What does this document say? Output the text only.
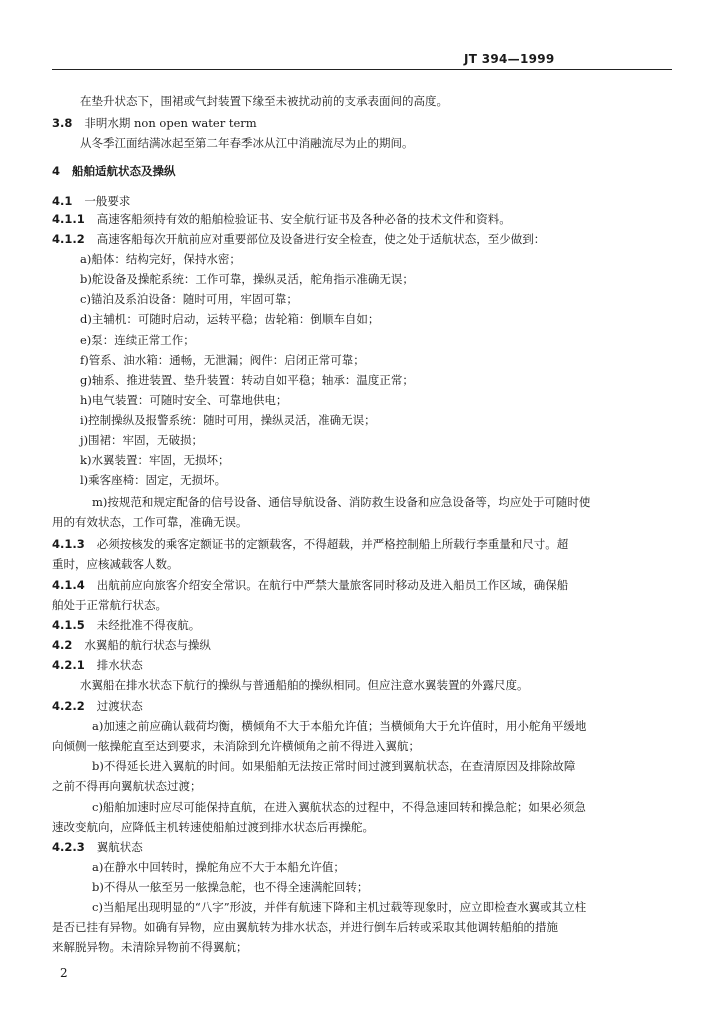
JT 394—1999
在垫升状态下，围裙或气封装置下缘至未被扰动前的支承表面间的高度。
3.8 非明水期 non open water term
从冬季江面结满冰起至第二年春季冰从江中消融流尽为止的期间。
4 船舶适航状态及操纵
4.1 一般要求
4.1.1 高速客船须持有效的船舶检验证书、安全航行证书及各种必备的技术文件和资料。
4.1.2 高速客船每次开航前应对重要部位及设备进行安全检查，使之处于适航状态，至少做到：
a)船体：结构完好，保持水密；
b)舵设备及操舵系统：工作可靠，操纵灵活，舵角指示准确无误；
c)锚泊及系泊设备：随时可用，牢固可靠；
d)主辅机：可随时启动，运转平稳；齿轮箱：倒顺车自如；
e)泵：连续正常工作；
f)管系、油水箱：通畅，无泄漏；阀件：启闭正常可靠；
g)轴系、推进装置、垫升装置：转动自如平稳；轴承：温度正常；
h)电气装置：可随时安全、可靠地供电；
i)控制操纵及报警系统：随时可用，操纵灵活，准确无误；
j)围裙：牢固，无破损；
k)水翼装置：牢固，无损坏；
l)乘客座椅：固定，无损坏。
m)按规范和规定配备的信号设备、通信导航设备、消防救生设备和应急设备等，均应处于可随时使
用的有效状态，工作可靠，准确无误。
4.1.3 必须按核发的乘客定额证书的定额载客，不得超载，并严格控制船上所载行李重量和尺寸。超
重时，应核减载客人数。
4.1.4 出航前应向旅客介绍安全常识。在航行中严禁大量旅客同时移动及进入船员工作区域，确保船
舶处于正常航行状态。
4.1.5 未经批准不得夜航。
4.2 水翼船的航行状态与操纵
4.2.1 排水状态
水翼船在排水状态下航行的操纵与普通船舶的操纵相同。但应注意水翼装置的外露尺度。
4.2.2 过渡状态
a)加速之前应确认载荷均衡，横倾角不大于本船允许值；当横倾角大于允许值时，用小舵角平缓地
向倾侧一舷操舵直至达到要求，未消除到允许横倾角之前不得进入翼航；
b)不得延长进入翼航的时间。如果船舶无法按正常时间过渡到翼航状态，在查清原因及排除故障
之前不得再向翼航状态过渡；
c)船舶加速时应尽可能保持直航，在进入翼航状态的过程中，不得急速回转和操急舵；如果必须急
速改变航向，应降低主机转速使船舶过渡到排水状态后再操舵。
4.2.3 翼航状态
a)在静水中回转时，操舵角应不大于本船允许值；
b)不得从一舷至另一舷操急舵，也不得全速满舵回转；
c)当船尾出现明显的“八字”形波，并伴有航速下降和主机过载等现象时，应立即检查水翼或其立柱
是否已挂有异物。如确有异物，应由翼航转为排水状态，并进行倒车后转或采取其他调转船舶的措施
来解脱异物。未清除异物前不得翼航；
2
